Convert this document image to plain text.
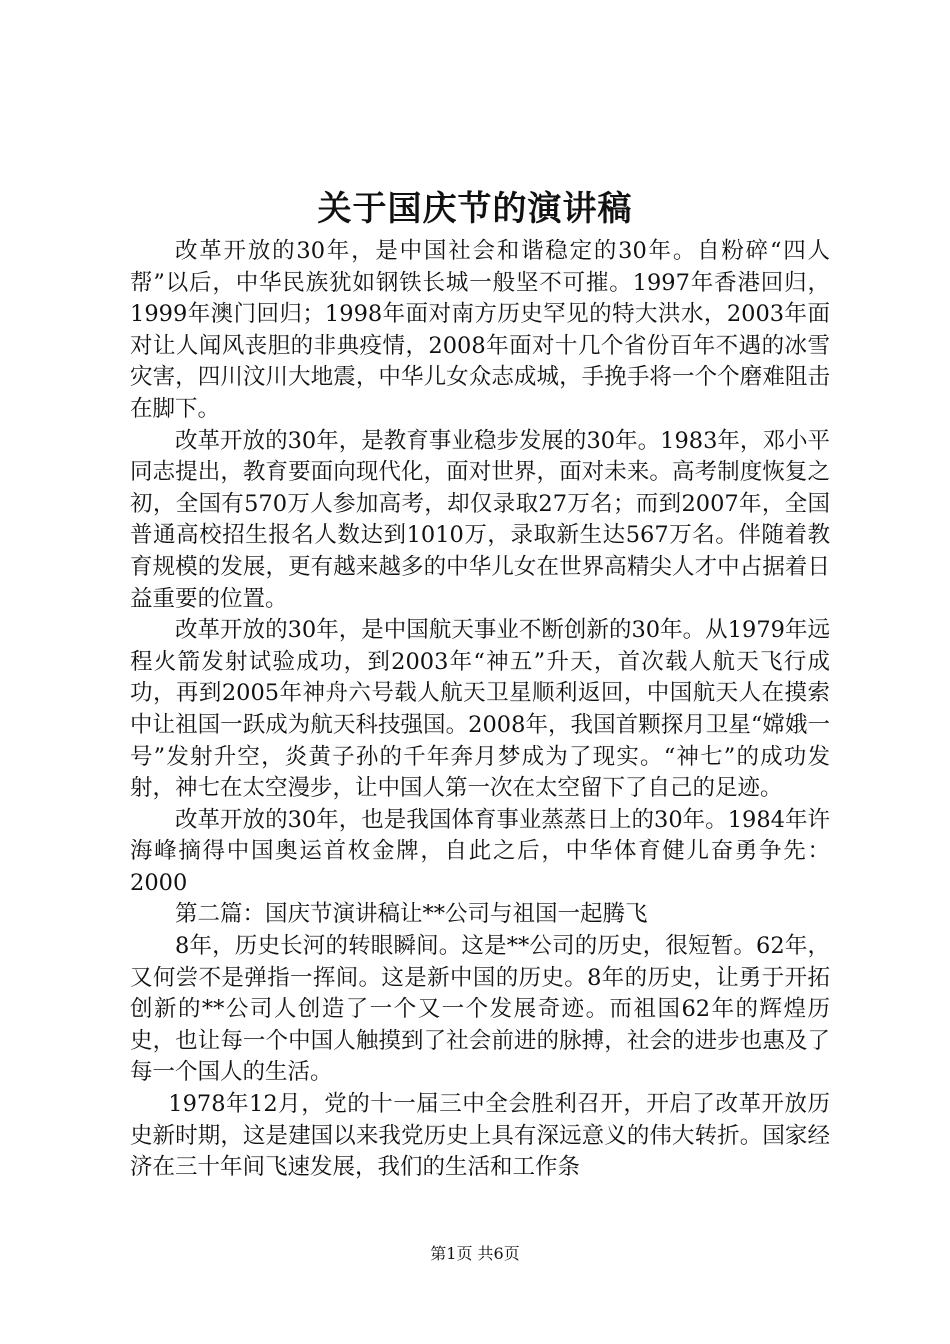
关于国庆节的演讲稿

改革开放的30年，是中国社会和谐稳定的30年。自粉碎“四人帮”以后，中华民族犹如钢铁长城一般坚不可摧。1997年香港回归，1999年澳门回归；1998年面对南方历史罕见的特大洪水，2003年面对让人闻风丧胆的非典疫情，2008年面对十几个省份百年不遇的冰雪灾害，四川汶川大地震，中华儿女众志成城，手挽手将一个个磨难阻击在脚下。

改革开放的30年，是教育事业稳步发展的30年。1983年，邓小平同志提出，教育要面向现代化，面对世界，面对未来。高考制度恢复之初，全国有570万人参加高考，却仅录取27万名；而到2007年，全国普通高校招生报名人数达到1010万，录取新生达567万名。伴随着教育规模的发展，更有越来越多的中华儿女在世界高精尖人才中占据着日益重要的位置。

改革开放的30年，是中国航天事业不断创新的30年。从1979年远程火箭发射试验成功，到2003年“神五”升天，首次载人航天飞行成功，再到2005年神舟六号载人航天卫星顺利返回，中国航天人在摸索中让祖国一跃成为航天科技强国。2008年，我国首颗探月卫星“嫦娥一号”发射升空，炎黄子孙的千年奔月梦成为了现实。“神七”的成功发射，神七在太空漫步，让中国人第一次在太空留下了自己的足迹。

改革开放的30年，也是我国体育事业蒸蒸日上的30年。1984年许海峰摘得中国奥运首枚金牌，自此之后，中华体育健儿奋勇争先：2000

第二篇：国庆节演讲稿让**公司与祖国一起腾飞

8年，历史长河的转眼瞬间。这是**公司的历史，很短暂。62年，又何尝不是弹指一挥间。这是新中国的历史。8年的历史，让勇于开拓创新的**公司人创造了一个又一个发展奇迹。而祖国62年的辉煌历史，也让每一个中国人触摸到了社会前进的脉搏，社会的进步也惠及了每一个国人的生活。

1978年12月，党的十一届三中全会胜利召开，开启了改革开放历史新时期，这是建国以来我党历史上具有深远意义的伟大转折。国家经济在三十年间飞速发展，我们的生活和工作条

第1页 共6页
